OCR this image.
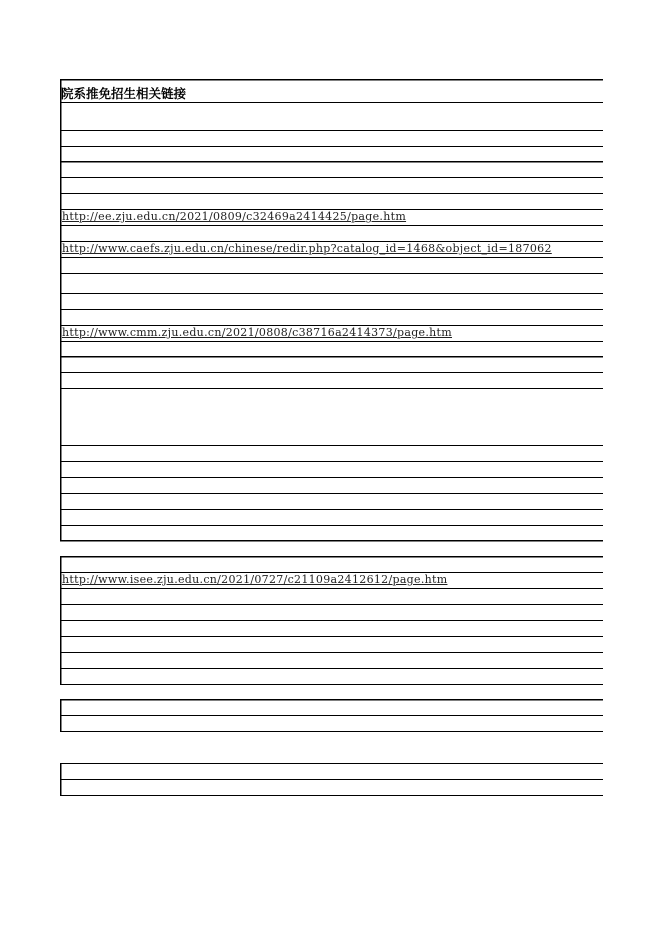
院系推免招生相关链接
http://ee.zju.edu.cn/2021/0809/c32469a2414425/page.htm
http://www.caefs.zju.edu.cn/chinese/redir.php?catalog_id=1468&object_id=187062
http://www.cmm.zju.edu.cn/2021/0808/c38716a2414373/page.htm
http://www.isee.zju.edu.cn/2021/0727/c21109a2412612/page.htm
